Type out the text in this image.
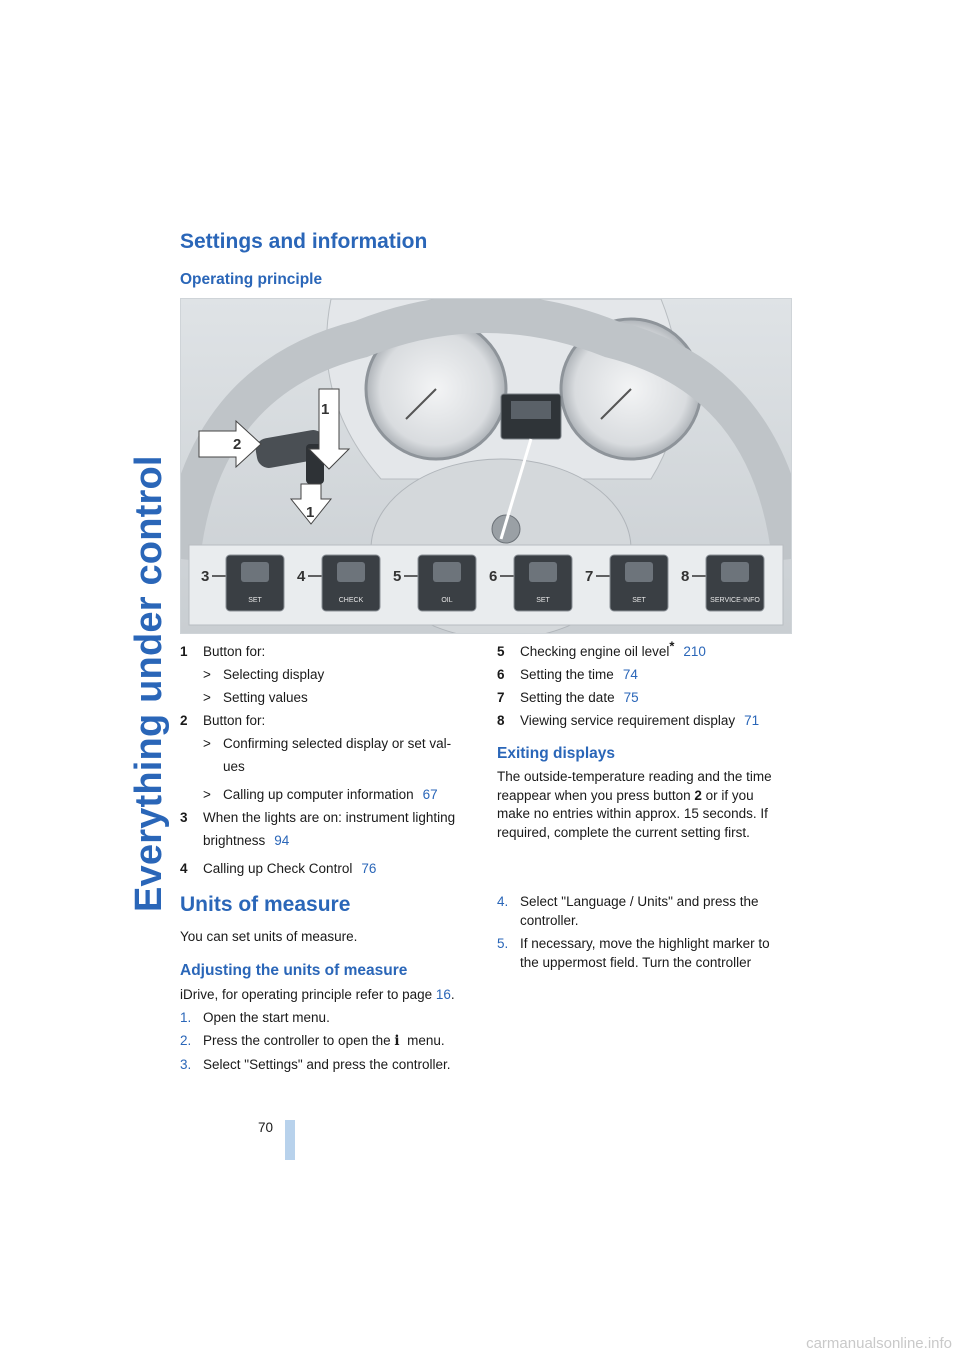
Everything under control
Settings and information
Operating principle
1
2
1
3
SET
4
CHECK
5
OIL
6
SET
7
SET
8
SERVICE-INFO
1 Button for:
> Selecting display
> Setting values
2 Button for:
> Confirming selected display or set val-
ues
> Calling up computer information 67
3 When the lights are on: instrument lighting
brightness 94
4 Calling up Check Control 76
5 Checking engine oil level* 210
6 Setting the time 74
7 Setting the date 75
8 Viewing service requirement display 71
Exiting displays

The outside-temperature reading and the time

reappear when you press button 2 or if you

make no entries within approx. 15 seconds. If

required, complete the current setting first.

Units of measure
You can set units of measure.
Adjusting the units of measure
iDrive, for operating principle refer to page 16.
1. Open the start menu.
2. Press the controller to open the i menu.
3. Select "Settings" and press the controller.
4. Select "Language / Units" and press the
controller.
5. If necessary, move the highlight marker to
the uppermost field. Turn the controller
70
carmanualsonline.info
